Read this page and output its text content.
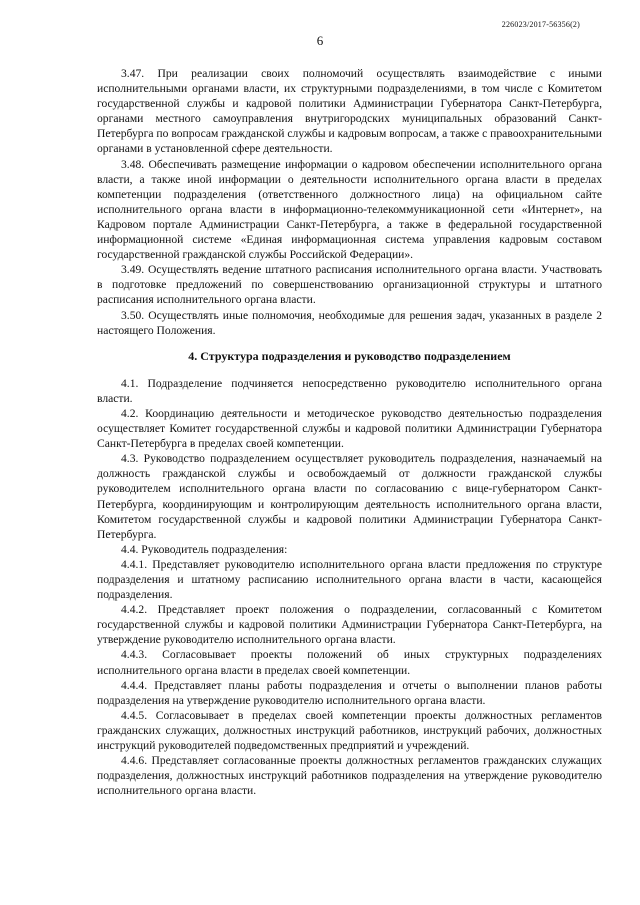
226023/2017-56356(2)
6

3.47. При реализации своих полномочий осуществлять взаимодействие с иными исполнительными органами власти, их структурными подразделениями, в том числе с Комитетом государственной службы и кадровой политики Администрации Губернатора Санкт-Петербурга, органами местного самоуправления внутригородских муниципальных образований Санкт-Петербурга по вопросам гражданской службы и кадровым вопросам, а также с правоохранительными органами в установленной сфере деятельности.

3.48. Обеспечивать размещение информации о кадровом обеспечении исполнительного органа власти, а также иной информации о деятельности исполнительного органа власти в пределах компетенции подразделения (ответственного должностного лица) на официальном сайте исполнительного органа власти в информационно-телекоммуникационной сети «Интернет», на Кадровом портале Администрации Санкт-Петербурга, а также в федеральной государственной информационной системе «Единая информационная система управления кадровым составом государственной гражданской службы Российской Федерации».

3.49. Осуществлять ведение штатного расписания исполнительного органа власти. Участвовать в подготовке предложений по совершенствованию организационной структуры и штатного расписания исполнительного органа власти.

3.50. Осуществлять иные полномочия, необходимые для решения задач, указанных в разделе 2 настоящего Положения.

4. Структура подразделения и руководство подразделением

4.1. Подразделение подчиняется непосредственно руководителю исполнительного органа власти.

4.2. Координацию деятельности и методическое руководство деятельностью подразделения осуществляет Комитет государственной службы и кадровой политики Администрации Губернатора Санкт-Петербурга в пределах своей компетенции.

4.3. Руководство подразделением осуществляет руководитель подразделения, назначаемый на должность гражданской службы и освобождаемый от должности гражданской службы руководителем исполнительного органа власти по согласованию с вице-губернатором Санкт-Петербурга, координирующим и контролирующим деятельность исполнительного органа власти, Комитетом государственной службы и кадровой политики Администрации Губернатора Санкт-Петербурга.

4.4. Руководитель подразделения:

4.4.1. Представляет руководителю исполнительного органа власти предложения по структуре подразделения и штатному расписанию исполнительного органа власти в части, касающейся подразделения.

4.4.2. Представляет проект положения о подразделении, согласованный с Комитетом государственной службы и кадровой политики Администрации Губернатора Санкт-Петербурга, на утверждение руководителю исполнительного органа власти.

4.4.3. Согласовывает проекты положений об иных структурных подразделениях исполнительного органа власти в пределах своей компетенции.

4.4.4. Представляет планы работы подразделения и отчеты о выполнении планов работы подразделения на утверждение руководителю исполнительного органа власти.

4.4.5. Согласовывает в пределах своей компетенции проекты должностных регламентов гражданских служащих, должностных инструкций работников, инструкций рабочих, должностных инструкций руководителей подведомственных предприятий и учреждений.

4.4.6. Представляет согласованные проекты должностных регламентов гражданских служащих подразделения, должностных инструкций работников подразделения на утверждение руководителю исполнительного органа власти.
